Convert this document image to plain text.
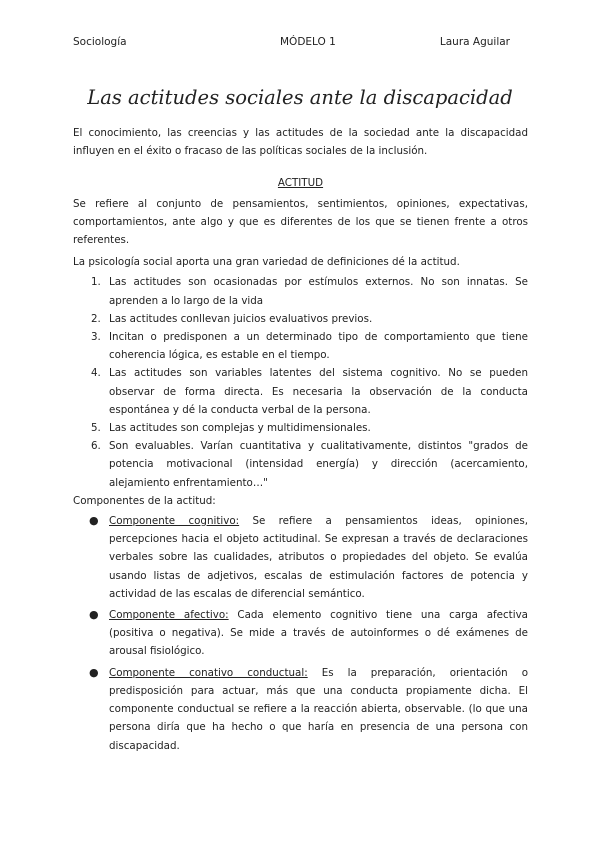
Sociología	MÓDELO 1	Laura Aguilar
Las actitudes sociales ante la discapacidad

El conocimiento, las creencias y las actitudes de la sociedad ante la discapacidad influyen en el éxito o fracaso de las políticas sociales de la inclusión.

ACTITUD

Se refiere al conjunto de pensamientos, sentimientos, opiniones, expectativas, comportamientos, ante algo y que es diferentes de los que se tienen frente a otros referentes.

La psicología social aporta una gran variedad de definiciones dé la actitud.

1. Las actitudes son ocasionadas por estímulos externos. No son innatas. Se aprenden a lo largo de la vida
2. Las actitudes conllevan juicios evaluativos previos.
3. Incitan o predisponen a un determinado tipo de comportamiento que tiene coherencia lógica, es estable en el tiempo.
4. Las actitudes son variables latentes del sistema cognitivo. No se pueden observar de forma directa. Es necesaria la observación de la conducta espontánea y dé la conducta verbal de la persona.
5. Las actitudes son complejas y multidimensionales.
6. Son evaluables. Varían cuantitativa y cualitativamente, distintos "grados de potencia motivacional (intensidad energía) y dirección (acercamiento, alejamiento enfrentamiento…"

Componentes de la actitud:

● Componente cognitivo: Se refiere a pensamientos ideas, opiniones, percepciones hacia el objeto actitudinal. Se expresan a través de declaraciones verbales sobre las cualidades, atributos o propiedades del objeto. Se evalúa usando listas de adjetivos, escalas de estimulación factores de potencia y actividad de las escalas de diferencial semántico.
● Componente afectivo: Cada elemento cognitivo tiene una carga afectiva (positiva o negativa). Se mide a través de autoinformes o dé exámenes de arousal fisiológico.
● Componente conativo conductual: Es la preparación, orientación o predisposición para actuar, más que una conducta propiamente dicha. El componente conductual se refiere a la reacción abierta, observable. (lo que una persona diría que ha hecho o que haría en presencia de una persona con discapacidad.
